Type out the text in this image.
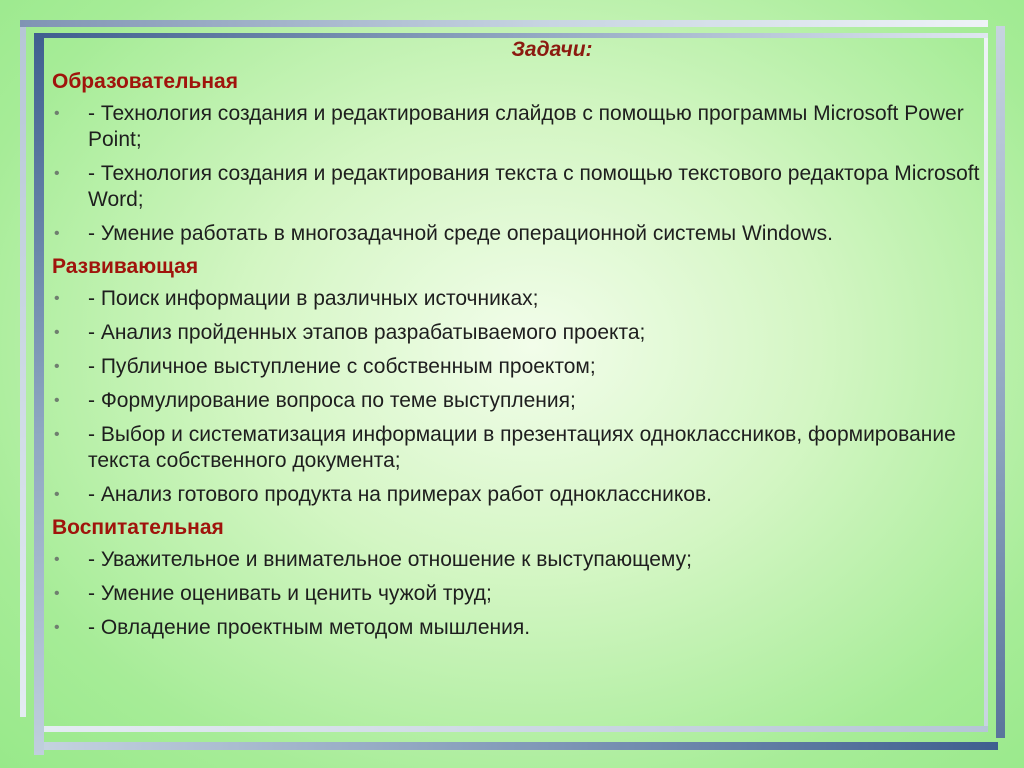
Задачи:
Образовательная
• - Технология создания и редактирования слайдов с помощью программы Microsoft Power Point;
• - Технология создания и редактирования текста с помощью текстового редактора Microsoft Word;
• - Умение работать в многозадачной среде операционной системы Windows.
Развивающая
• - Поиск информации в различных источниках;
• - Анализ пройденных этапов разрабатываемого проекта;
• - Публичное выступление с собственным проектом;
• - Формулирование вопроса по теме выступления;
• - Выбор и систематизация информации в презентациях одноклассников, формирование текста собственного документа;
• - Анализ готового продукта на примерах работ одноклассников.
Воспитательная
• - Уважительное и внимательное отношение к выступающему;
• - Умение оценивать и ценить чужой труд;
• - Овладение проектным методом мышления.
